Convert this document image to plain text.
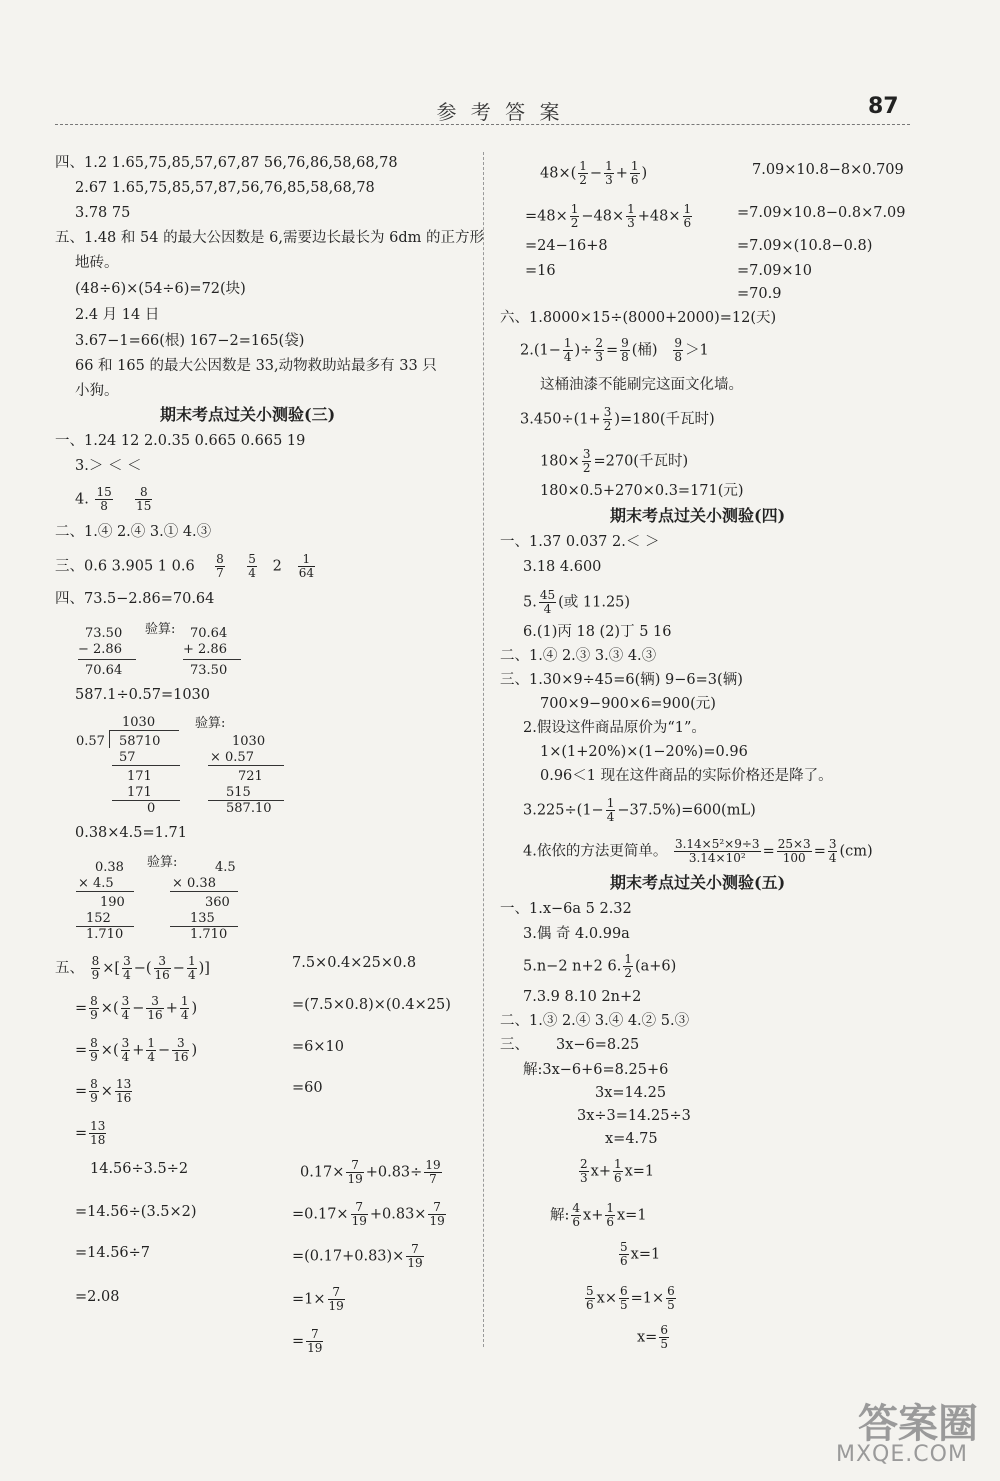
参 考 答 案	87
四、1.2 1.65,75,85,57,67,87 56,76,86,58,68,78
2.67 1.65,75,85,57,87,56,76,85,58,68,78
3.78 75
五、1.48 和 54 的最大公因数是 6,需要边长最长为 6dm 的正方形
地砖。
(48÷6)×(54÷6)=72(块)
2.4 月 14 日
3.67−1=66(根) 167−2=165(袋)
66 和 165 的最大公因数是 33,动物救助站最多有 33 只
小狗。
期末考点过关小测验(三)
一、1.24 12 2.0.35 0.665 0.665 19
3.＞ ＜ ＜
4. $\frac{15}{8}$
$\frac{8}{15}$
二、1.④ 2.④ 3.① 4.③
三、0.6 3.905 1 $0.6 \frac{8}{7}$
$\frac{5}{4} 2 \frac{1}{64}$
四、73.5−2.86=70.64
73.50
− 2.86
70.64
验算: 70.64
+ 2.86
73.50
587.1÷0.57=1030
1030
0.57 58710
57
171
171
0
验算:
1030
× 0.57
721
515
587.10
0.38×4.5=1.71
0.38
× 4.5
190
152
1.710
验算:	4.5
× 0.38
360
135
1.710
五、 $\frac{8}{9}$ ×[ $\frac{3}{4}$ −( $\frac{3}{16} - \frac{1}{4}$ )]
= $\frac{8}{9}$ ×( $\frac{3}{4} - \frac{3}{16} + \frac{1}{4}$ )
= $\frac{8}{9}$ ×( $\frac{3}{4} + \frac{1}{4} - \frac{3}{16}$ )
= $\frac{8}{9} \times \frac{13}{16}$
= $\frac{13}{18}$
7.5×0.4×25×0.8
=(7.5×0.8)×(0.4×25)
=6×10
=60
14.56÷3.5÷2
=14.56÷(3.5×2)
=14.56÷7
=2.08
$0.17\times \frac{7}{19} +0.83\div \frac{19}{7}$
$=0.17\times \frac{7}{19} +0.83\times \frac{7}{19}$
$=(0.17+0.83)\times \frac{7}{19}$
$=1\times \frac{7}{19}$
= $\frac{7}{19}$
$48\times( \frac{1}{2} - \frac{1}{3} + \frac{1}{6}$ )
$=48\times \frac{1}{2} -48\times \frac{1}{3} +48\times \frac{1}{6}$
=24−16+8
=16
7.09×10.8−8×0.709
=7.09×10.8−0.8×7.09
=7.09×(10.8−0.8)
=7.09×10
=70.9
六、1.8000×15÷(8000+2000)=12(天)
$2.(1- \frac{1}{4}$ )÷ $\frac{2}{3} = \frac{9}{8}$ (桶) $\frac{9}{8} >1$
这桶油漆不能刷完这面文化墙。
$3.450\div(1+ \frac{3}{2} )=180$(千瓦时)
$180\times \frac{3}{2} =270$(千瓦时)
180×0.5+270×0.3=171(元)
期末考点过关小测验(四)
一、1.37 0.037 2.＜ ＞
3.18 4.600
5. $\frac{45}{4}$ (或 11.25)
6.(1)丙 18 (2)丁 5 16
二、1.④ 2.③ 3.③ 4.③
三、1.30×9÷45=6(辆) 9−6=3(辆)
700×9−900×6=900(元)
2.假设这件商品原价为“1”。
1×(1+20%)×(1−20%)=0.96
0.96＜1 现在这件商品的实际价格还是降了。
$3.225\div(1- \frac{1}{4} -37.5\%)=600(mL)$
4.依依的方法更简单。 $\frac{\text{3.14×5²×9÷3}}{\text{3.14×10²}} = \frac{25\times 3}{100} = \frac{3}{4} (cm)$
期末考点过关小测验(五)
一、1.x−6a 5 2.32
3.偶 奇 4.0.99a
5.n−2 n+2 6. $\frac{1}{2} (a+6)$
7.3.9 8.10 2n+2
二、1.③ 2.④ 3.④ 4.② 5.③
三、 3x−6=8.25
解:3x−6+6=8.25+6
3x=14.25
3x÷3=14.25÷3
x=4.75
$\frac{2}{3} x+ \frac{1}{6} x=1$
解: $\frac{4}{6} x+ \frac{1}{6} x=1$
$\frac{5}{6} x=1$
$\frac{5}{6} x\times \frac{6}{5} =1\times \frac{6}{5}$
$x= \frac{6}{5}$
答案圈
MXQE.COM
